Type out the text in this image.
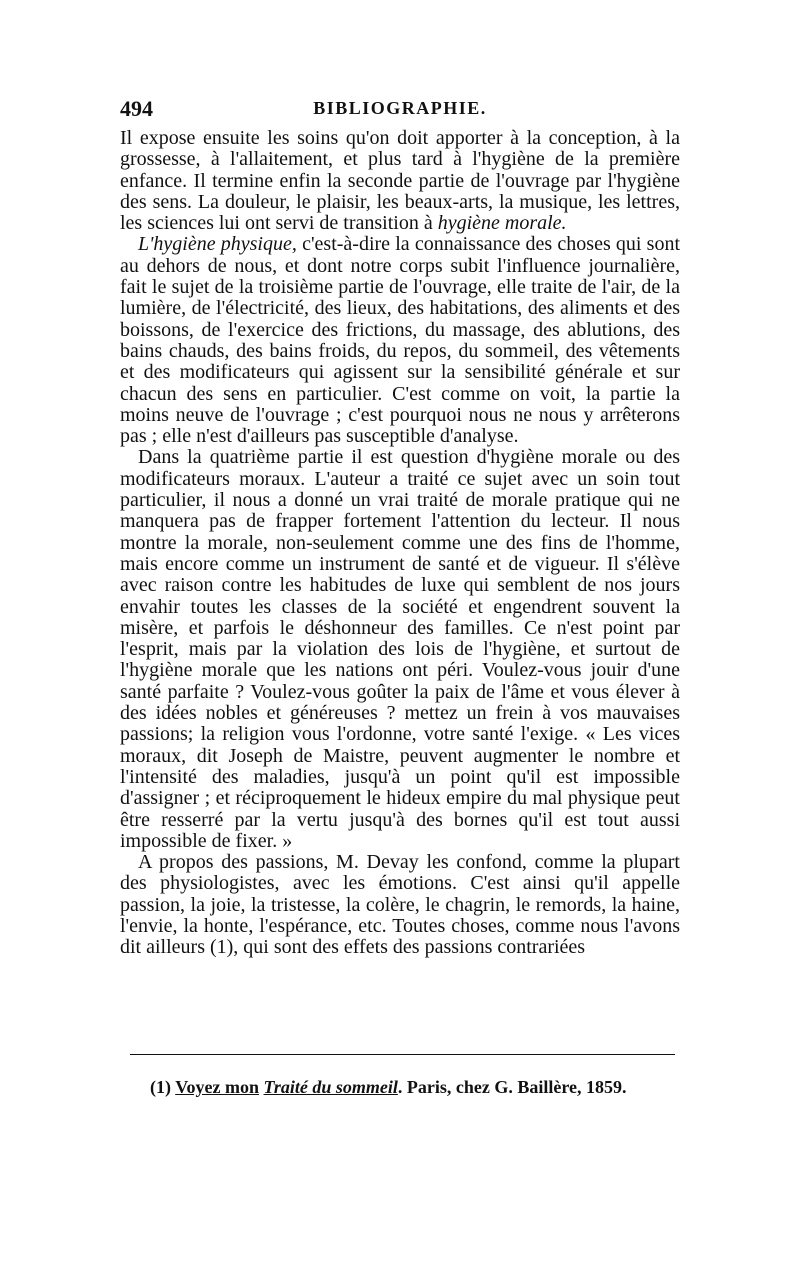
494	BIBLIOGRAPHIE.

Il expose ensuite les soins qu'on doit apporter à la conception, à la grossesse, à l'allaitement, et plus tard à l'hygiène de la première enfance. Il termine enfin la seconde partie de l'ouvrage par l'hygiène des sens. La douleur, le plaisir, les beaux-arts, la musique, les lettres, les sciences lui ont servi de transition à hygiène morale.

L'hygiène physique, c'est-à-dire la connaissance des choses qui sont au dehors de nous, et dont notre corps subit l'influence journalière, fait le sujet de la troisième partie de l'ouvrage, elle traite de l'air, de la lumière, de l'électricité, des lieux, des habitations, des aliments et des boissons, de l'exercice des frictions, du massage, des ablutions, des bains chauds, des bains froids, du repos, du sommeil, des vêtements et des modificateurs qui agissent sur la sensibilité générale et sur chacun des sens en particulier. C'est comme on voit, la partie la moins neuve de l'ouvrage ; c'est pourquoi nous ne nous y arrêterons pas ; elle n'est d'ailleurs pas susceptible d'analyse.

Dans la quatrième partie il est question d'hygiène morale ou des modificateurs moraux. L'auteur a traité ce sujet avec un soin tout particulier, il nous a donné un vrai traité de morale pratique qui ne manquera pas de frapper fortement l'attention du lecteur. Il nous montre la morale, non-seulement comme une des fins de l'homme, mais encore comme un instrument de santé et de vigueur. Il s'élève avec raison contre les habitudes de luxe qui semblent de nos jours envahir toutes les classes de la société et engendrent souvent la misère, et parfois le déshonneur des familles. Ce n'est point par l'esprit, mais par la violation des lois de l'hygiène, et surtout de l'hygiène morale que les nations ont péri. Voulez-vous jouir d'une santé parfaite ? Voulez-vous goûter la paix de l'âme et vous élever à des idées nobles et généreuses ? mettez un frein à vos mauvaises passions; la religion vous l'ordonne, votre santé l'exige. « Les vices moraux, dit Joseph de Maistre, peuvent augmenter le nombre et l'intensité des maladies, jusqu'à un point qu'il est impossible d'assigner ; et réciproquement le hideux empire du mal physique peut être resserré par la vertu jusqu'à des bornes qu'il est tout aussi impossible de fixer. »

A propos des passions, M. Devay les confond, comme la plupart des physiologistes, avec les émotions. C'est ainsi qu'il appelle passion, la joie, la tristesse, la colère, le chagrin, le remords, la haine, l'envie, la honte, l'espérance, etc. Toutes choses, comme nous l'avons dit ailleurs (1), qui sont des effets des passions contrariées

(1) Voyez mon Traité du sommeil. Paris, chez G. Baillère, 1859.
